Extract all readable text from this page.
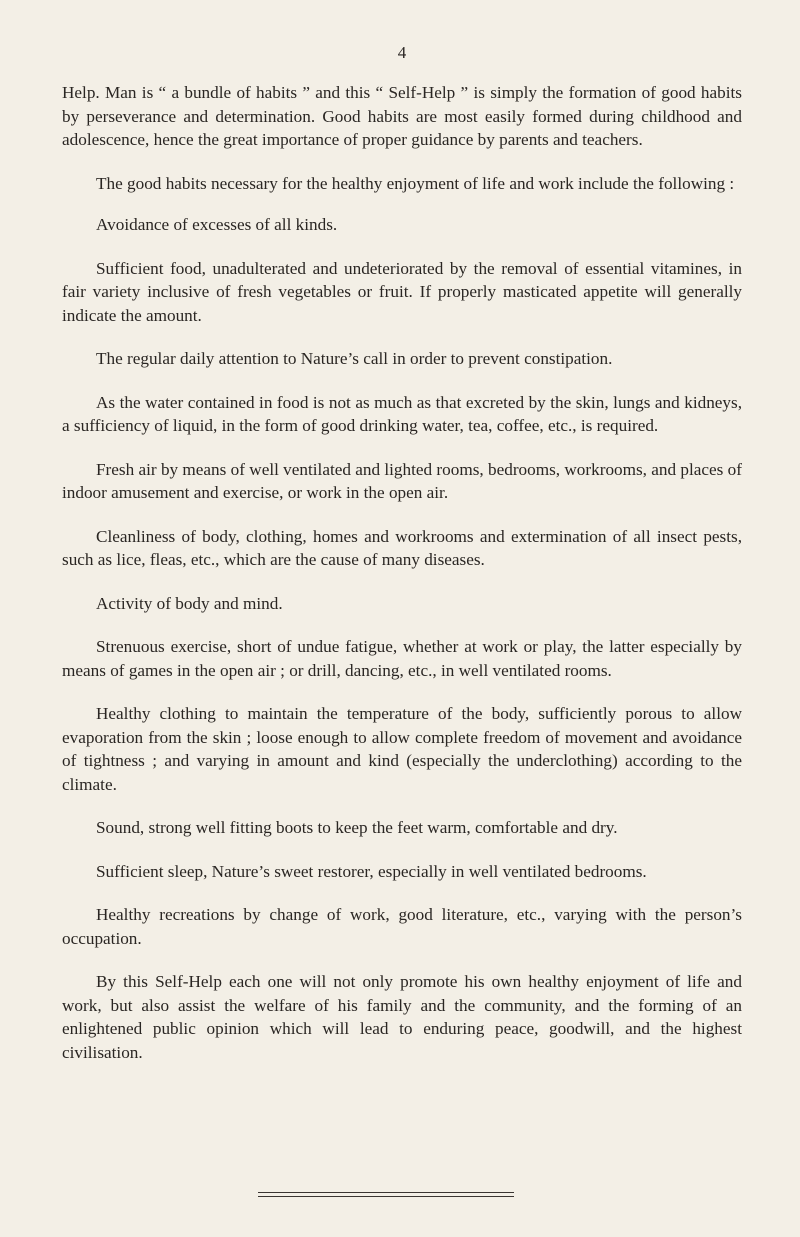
4

Help. Man is “ a bundle of habits ” and this “ Self-Help ” is simply the formation of good habits by perseverance and determination. Good habits are most easily formed during childhood and adolescence, hence the great importance of proper guidance by parents and teachers.

The good habits necessary for the healthy enjoyment of life and work include the following :

Avoidance of excesses of all kinds.

Sufficient food, unadulterated and undeteriorated by the removal of essential vitamines, in fair variety inclusive of fresh vegetables or fruit. If properly masticated appetite will generally indicate the amount.

The regular daily attention to Nature’s call in order to prevent constipation.

As the water contained in food is not as much as that excreted by the skin, lungs and kidneys, a sufficiency of liquid, in the form of good drinking water, tea, coffee, etc., is required.

Fresh air by means of well ventilated and lighted rooms, bedrooms, workrooms, and places of indoor amusement and exercise, or work in the open air.

Cleanliness of body, clothing, homes and workrooms and extermination of all insect pests, such as lice, fleas, etc., which are the cause of many diseases.

Activity of body and mind.

Strenuous exercise, short of undue fatigue, whether at work or play, the latter especially by means of games in the open air ; or drill, dancing, etc., in well ventilated rooms.

Healthy clothing to maintain the temperature of the body, sufficiently porous to allow evaporation from the skin ; loose enough to allow complete freedom of movement and avoidance of tightness ; and varying in amount and kind (especially the underclothing) according to the climate.

Sound, strong well fitting boots to keep the feet warm, comfortable and dry.

Sufficient sleep, Nature’s sweet restorer, especially in well ventilated bedrooms.

Healthy recreations by change of work, good literature, etc., varying with the person’s occupation.

By this Self-Help each one will not only promote his own healthy enjoyment of life and work, but also assist the welfare of his family and the community, and the forming of an enlightened public opinion which will lead to enduring peace, goodwill, and the highest civilisation.
